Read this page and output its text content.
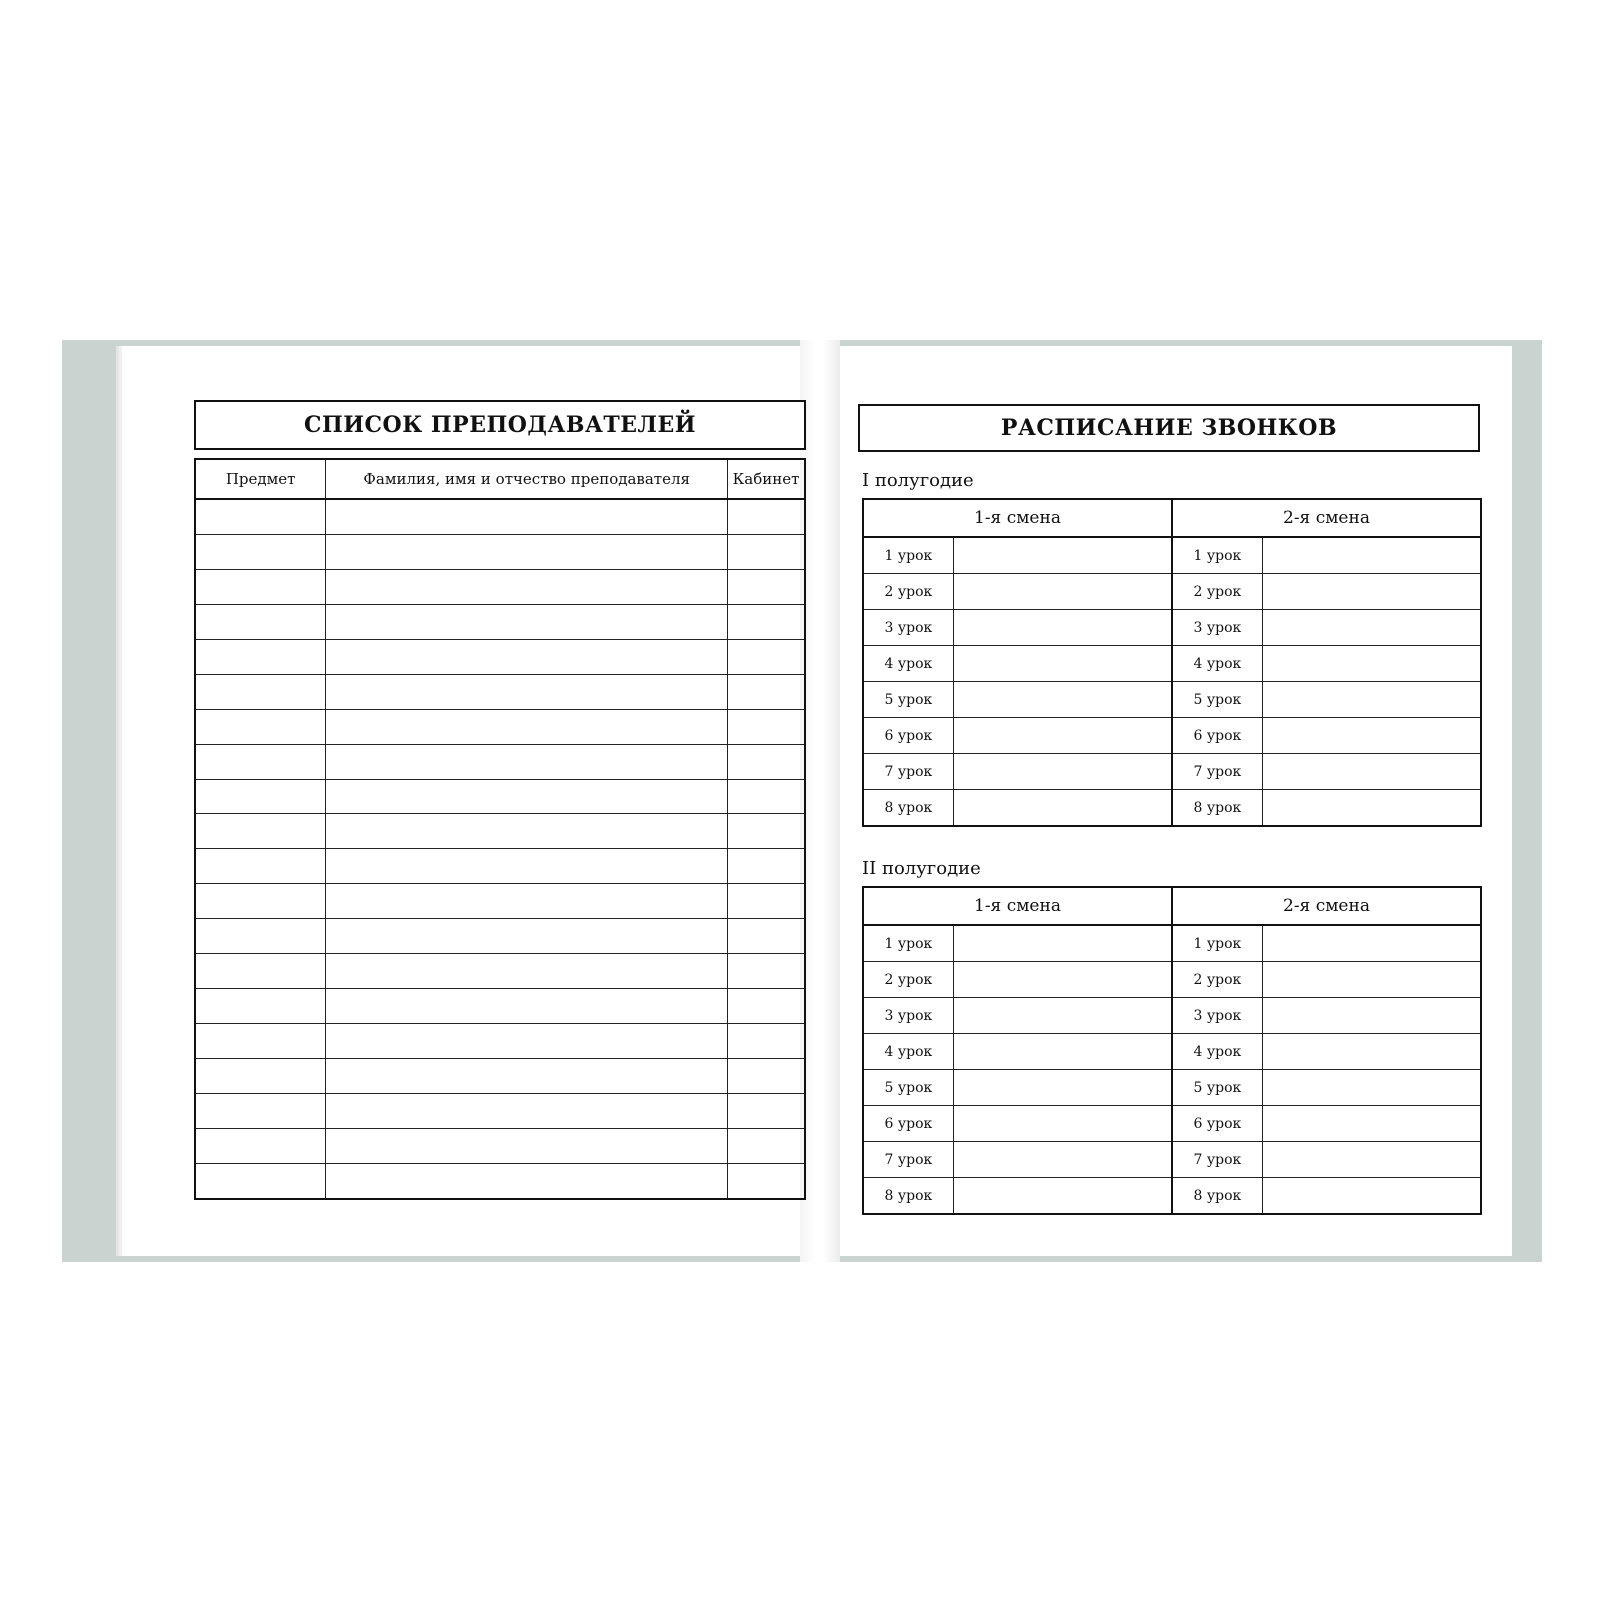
СПИСОК ПРЕПОДАВАТЕЛЕЙ
Предмет	Фамилия, имя и отчество преподавателя	Кабинет

РАСПИСАНИЕ ЗВОНКОВ
I полугодие
1-я смена		2-я смена	
1 урок		1 урок	
2 урок		2 урок	
3 урок		3 урок	
4 урок		4 урок	
5 урок		5 урок	
6 урок		6 урок	
7 урок		7 урок	
8 урок		8 урок	
II полугодие
1-я смена		2-я смена	
1 урок		1 урок	
2 урок		2 урок	
3 урок		3 урок	
4 урок		4 урок	
5 урок		5 урок	
6 урок		6 урок	
7 урок		7 урок	
8 урок		8 урок	
